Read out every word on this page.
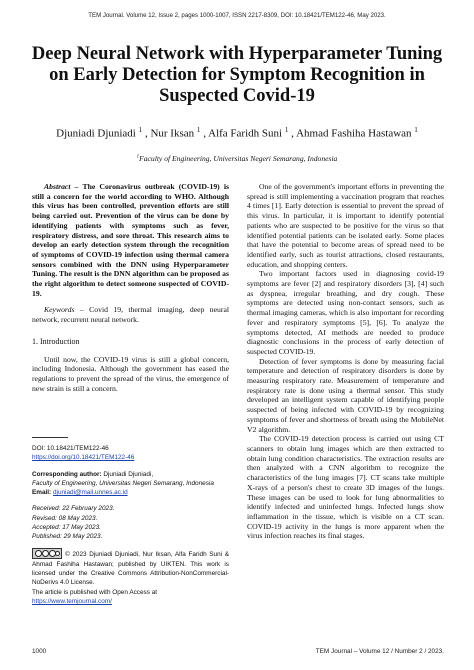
TEM Journal. Volume 12, Issue 2, pages 1000-1007, ISSN 2217-8309, DOI: 10.18421/TEM122-46, May 2023.
Deep Neural Network with Hyperparameter Tuning on Early Detection for Symptom Recognition in Suspected Covid-19
Djuniadi Djuniadi $^1$ , Nur Iksan $^1$ , Alfa Faridh Suni $^1$ , Ahmad Fashiha Hastawan $^1$
$^1$Faculty of Engineering, Universitas Negeri Semarang, Indonesia

Abstract – The Coronavirus outbreak (COVID-19) is still a concern for the world according to WHO. Although this virus has been controlled, prevention efforts are still being carried out. Prevention of the virus can be done by identifying patients with symptoms such as fever, respiratory distress, and sore throat. This research aims to develop an early detection system through the recognition of symptoms of COVID-19 infection using thermal camera sensors combined with the DNN using Hyperparameter Tuning. The result is the DNN algorithm can be proposed as the right algorithm to detect someone suspected of COVID-19.

Keywords – Covid 19, thermal imaging, deep neural network, recurrent neural network.

1. Introduction

Until now, the COVID-19 virus is still a global concern, including Indonesia. Although the government has eased the regulations to prevent the spread of the virus, the emergence of new strain is still a concern.

DOI: 10.18421/TEM122-46

https://doi.org/10.18421/TEM122-46

Corresponding author: Djuniadi Djuniadi,

Faculty of Engineering, Universitas Negeri Semarang, Indonesia

Email: djuniadi@mail.unnes.ac.id

Received: 22 February 2023.

Revised: 08 May 2023.

Accepted: 17 May 2023.

Published: 29 May 2023.

© 2023 Djuniadi Djuniadi, Nur Iksan, Alfa Faridh Suni & Ahmad Fashiha Hastawan; published by UIKTEN. This work is licensed under the Creative Commons Attribution-NonCommercial-NoDerivs 4.0 License.

The article is published with Open Access at

https://www.temjournal.com/

One of the government's important efforts in preventing the spread is still implementing a vaccination program that reaches 4 times [1]. Early detection is essential to prevent the spread of this virus. In particular, it is important to identify potential patients who are suspected to be positive for the virus so that identified potential patients can be isolated early. Some places that have the potential to become areas of spread need to be identified early, such as tourist attractions, closed restaurants, education, and shopping centers.

Two important factors used in diagnosing covid-19 symptoms are fever [2] and respiratory disorders [3], [4] such as dyspnea, irregular breathing, and dry cough. These symptoms are detected using non-contact sensors, such as thermal imaging cameras, which is also important for recording fever and respiratory symptoms [5], [6]. To analyze the symptoms detected, AI methods are needed to produce diagnostic conclusions in the process of early detection of suspected COVID-19.

Detection of fever symptoms is done by measuring facial temperature and detection of respiratory disorders is done by measuring respiratory rate. Measurement of temperature and respiratory rate is done using a thermal sensor. This study developed an intelligent system capable of identifying people suspected of being infected with COVID-19 by recognizing symptoms of fever and shortness of breath using the MobileNet V2 algorithm.

The COVID-19 detection process is carried out using CT scanners to obtain lung images which are then extracted to obtain lung condition characteristics. The extraction results are then analyzed with a CNN algorithm to recognize the characteristics of the lung images [7]. CT scans take multiple X-rays of a person's chest to create 3D images of the lungs. These images can be used to look for lung abnormalities to identify infected and uninfected lungs. Infected lungs show inflammation in the tissue, which is visible on a CT scan. COVID-19 activity in the lungs is more apparent when the virus infection reaches its final stages.

1000	TEM Journal – Volume 12 / Number 2 / 2023.
